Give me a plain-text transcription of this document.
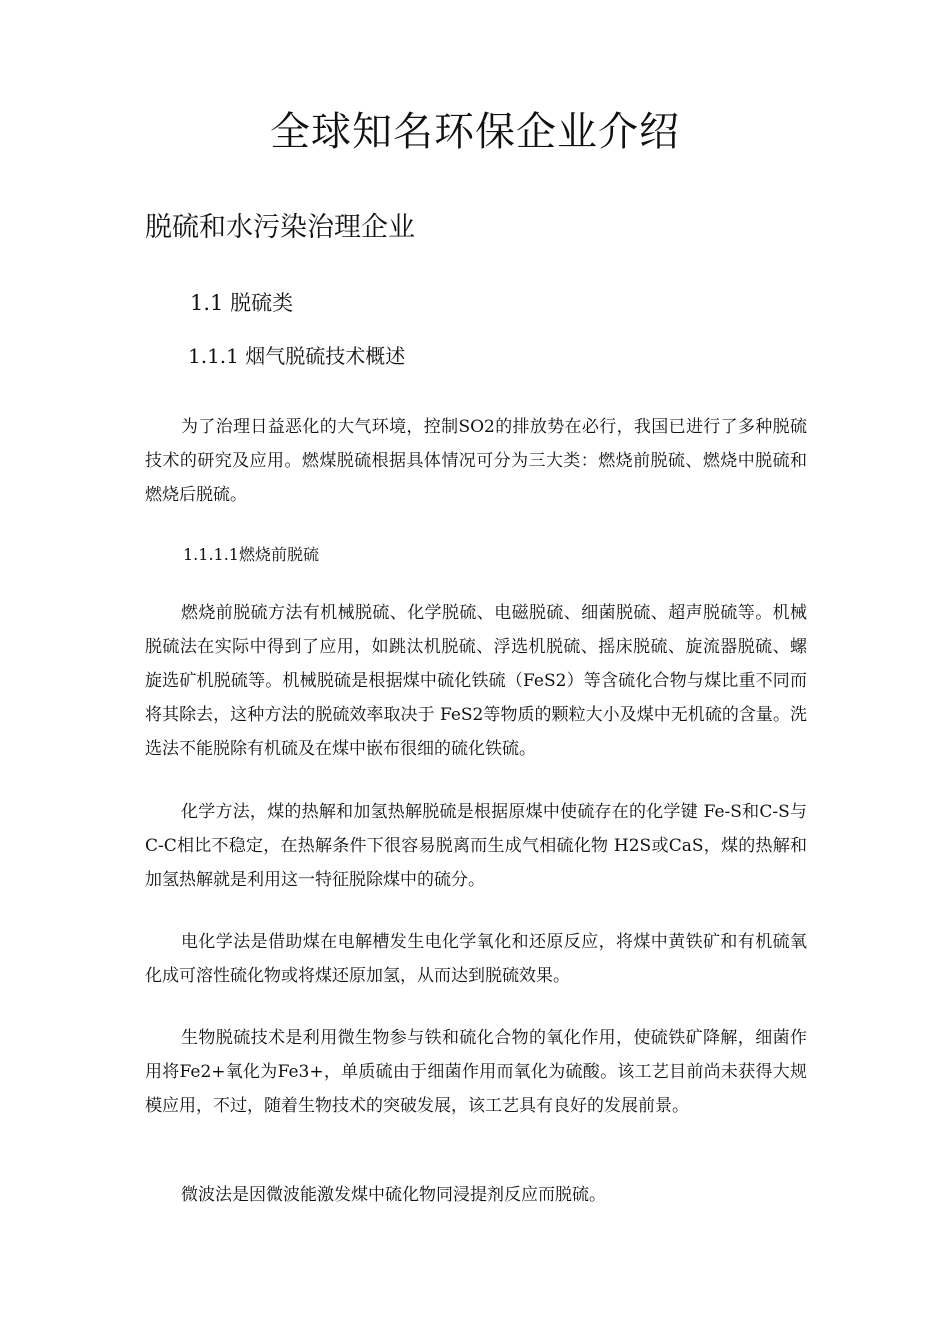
全球知名环保企业介绍
脱硫和水污染治理企业
1.1 脱硫类
1.1.1 烟气脱硫技术概述

为了治理日益恶化的大气环境，控制SO2的排放势在必行，我国已进行了多种脱硫技术的研究及应用。燃煤脱硫根据具体情况可分为三大类：燃烧前脱硫、燃烧中脱硫和燃烧后脱硫。

1.1.1.1燃烧前脱硫

燃烧前脱硫方法有机械脱硫、化学脱硫、电磁脱硫、细菌脱硫、超声脱硫等。机械脱硫法在实际中得到了应用，如跳汰机脱硫、浮选机脱硫、摇床脱硫、旋流器脱硫、螺旋选矿机脱硫等。机械脱硫是根据煤中硫化铁硫（FeS2）等含硫化合物与煤比重不同而将其除去，这种方法的脱硫效率取决于 FeS2等物质的颗粒大小及煤中无机硫的含量。洗选法不能脱除有机硫及在煤中嵌布很细的硫化铁硫。

化学方法，煤的热解和加氢热解脱硫是根据原煤中使硫存在的化学键 Fe-S和C-S与C-C相比不稳定，在热解条件下很容易脱离而生成气相硫化物 H2S或CaS，煤的热解和加氢热解就是利用这一特征脱除煤中的硫分。

电化学法是借助煤在电解槽发生电化学氧化和还原反应，将煤中黄铁矿和有机硫氧化成可溶性硫化物或将煤还原加氢，从而达到脱硫效果。

生物脱硫技术是利用微生物参与铁和硫化合物的氧化作用，使硫铁矿降解，细菌作用将Fe2+氧化为Fe3+，单质硫由于细菌作用而氧化为硫酸。该工艺目前尚未获得大规模应用，不过，随着生物技术的突破发展，该工艺具有良好的发展前景。

微波法是因微波能激发煤中硫化物同浸提剂反应而脱硫。
